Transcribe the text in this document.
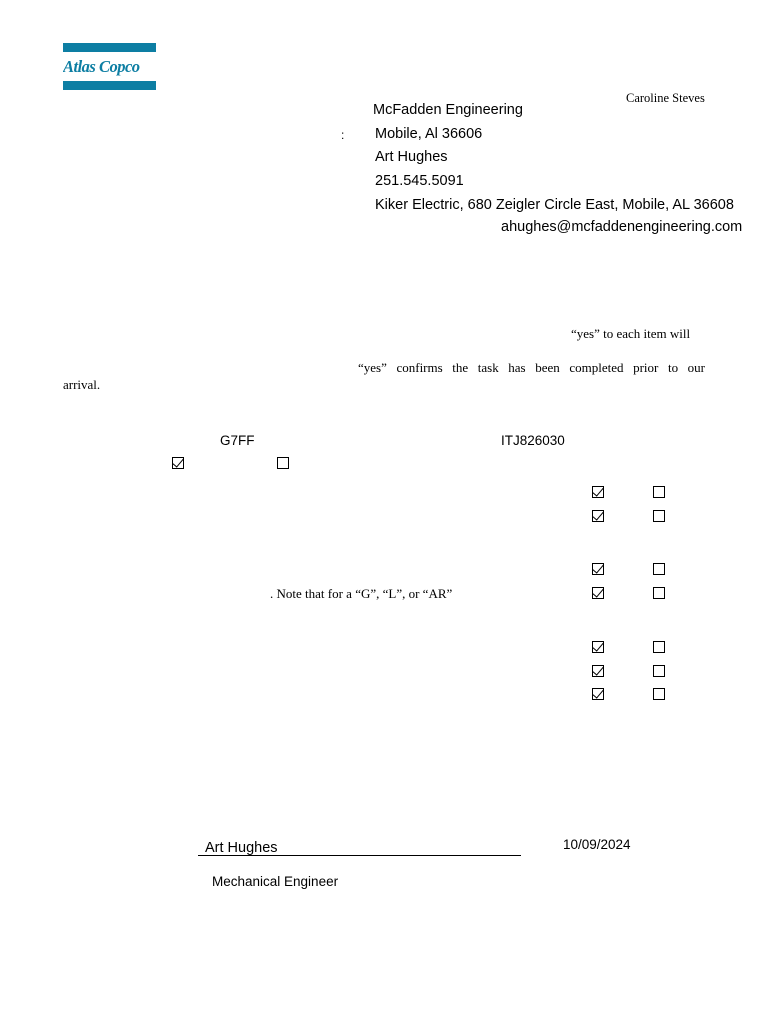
Atlas Copco
Caroline Steves
McFadden Engineering
: Mobile, Al 36606
Art Hughes
251.545.5091
Kiker Electric, 680 Zeigler Circle East, Mobile, AL 36608
ahughes@mcfaddenengineering.com
“yes” to each item will
“yes” confirms the task has been completed prior to our
arrival.
G7FF	ITJ826030
. Note that for a “G”, “L”, or “AR”
Art Hughes	10/09/2024
Mechanical Engineer
